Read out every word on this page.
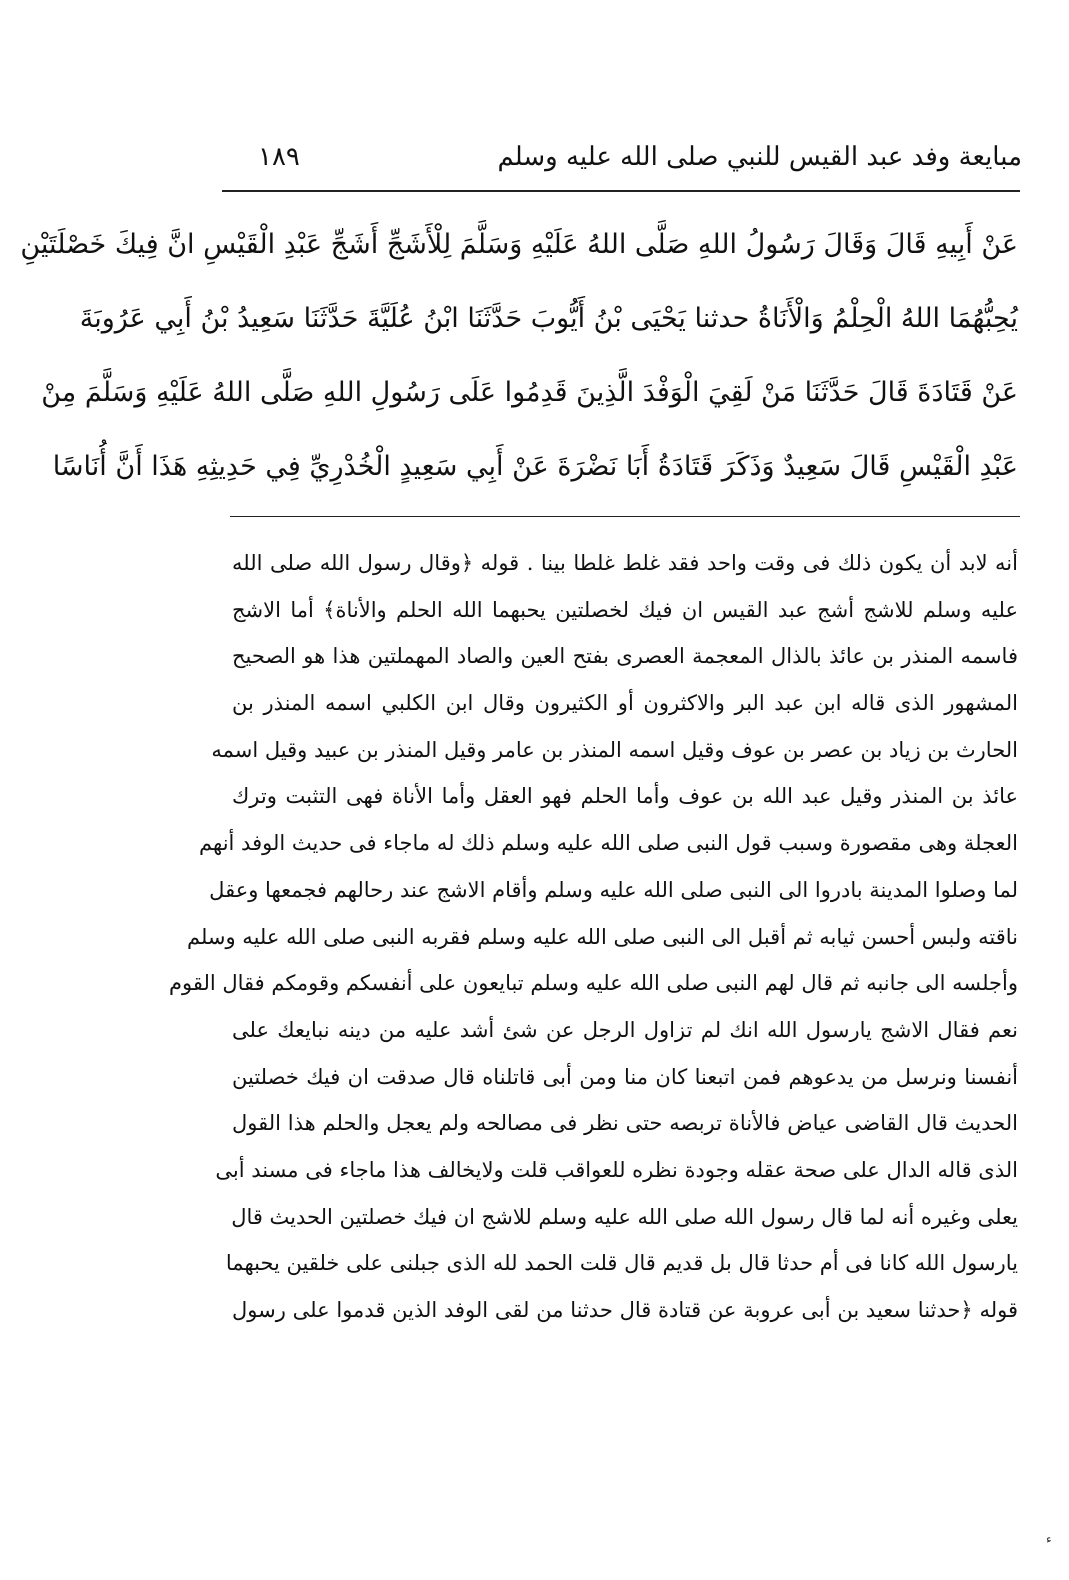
مبايعة وفد عبد القيس للنبي صلى الله عليه وسلم
١٨٩
عَنْ أَبِيهِ قَالَ وَقَالَ رَسُولُ اللهِ صَلَّى اللهُ عَلَيْهِ وَسَلَّمَ لِلْأَشَجِّ أَشَجِّ عَبْدِ الْقَيْسِ انَّ فِيكَ خَصْلَتَيْنِ
يُحِبُّهُمَا اللهُ الْحِلْمُ وَالْأَنَاةُ حدثنا يَحْيَى بْنُ أَيُّوبَ حَدَّثَنَا ابْنُ عُلَيَّةَ حَدَّثَنَا سَعِيدُ بْنُ أَبِي عَرُوبَةَ
عَنْ قَتَادَةَ قَالَ حَدَّثَنَا مَنْ لَقِيَ الْوَفْدَ الَّذِينَ قَدِمُوا عَلَى رَسُولِ اللهِ صَلَّى اللهُ عَلَيْهِ وَسَلَّمَ مِنْ
عَبْدِ الْقَيْسِ قَالَ سَعِيدٌ وَذَكَرَ قَتَادَةُ أَبَا نَضْرَةَ عَنْ أَبِي سَعِيدٍ الْخُدْرِيِّ فِي حَدِيثِهِ هَذَا أَنَّ أُنَاسًا
أنه لابد أن يكون ذلك فى وقت واحد فقد غلط غلطا بينا . قوله ﴿وقال رسول الله صلى الله
عليه وسلم للاشج أشج عبد القيس ان فيك لخصلتين يحبهما الله الحلم والأناة﴾ أما الاشج
فاسمه المنذر بن عائذ بالذال المعجمة العصرى بفتح العين والصاد المهملتين هذا هو الصحيح
المشهور الذى قاله ابن عبد البر والاكثرون أو الكثيرون وقال ابن الكلبي اسمه المنذر بن
الحارث بن زياد بن عصر بن عوف وقيل اسمه المنذر بن عامر وقيل المنذر بن عبيد وقيل اسمه
عائذ بن المنذر وقيل عبد الله بن عوف وأما الحلم فهو العقل وأما الأناة فهى التثبت وترك
العجلة وهى مقصورة وسبب قول النبى صلى الله عليه وسلم ذلك له ماجاء فى حديث الوفد أنهم
لما وصلوا المدينة بادروا الى النبى صلى الله عليه وسلم وأقام الاشج عند رحالهم فجمعها وعقل
ناقته ولبس أحسن ثيابه ثم أقبل الى النبى صلى الله عليه وسلم فقربه النبى صلى الله عليه وسلم
وأجلسه الى جانبه ثم قال لهم النبى صلى الله عليه وسلم تبايعون على أنفسكم وقومكم فقال القوم
نعم فقال الاشج يارسول الله انك لم تزاول الرجل عن شئ أشد عليه من دينه نبايعك على
أنفسنا ونرسل من يدعوهم فمن اتبعنا كان منا ومن أبى قاتلناه قال صدقت ان فيك خصلتين
الحديث قال القاضى عياض فالأناة تربصه حتى نظر فى مصالحه ولم يعجل والحلم هذا القول
الذى قاله الدال على صحة عقله وجودة نظره للعواقب قلت ولايخالف هذا ماجاء فى مسند أبى
يعلى وغيره أنه لما قال رسول الله صلى الله عليه وسلم للاشج ان فيك خصلتين الحديث قال
يارسول الله كانا فى أم حدثا قال بل قديم قال قلت الحمد لله الذى جبلنى على خلقين يحبهما
قوله ﴿حدثنا سعيد بن أبى عروبة عن قتادة قال حدثنا من لقى الوفد الذين قدموا على رسول
ء
